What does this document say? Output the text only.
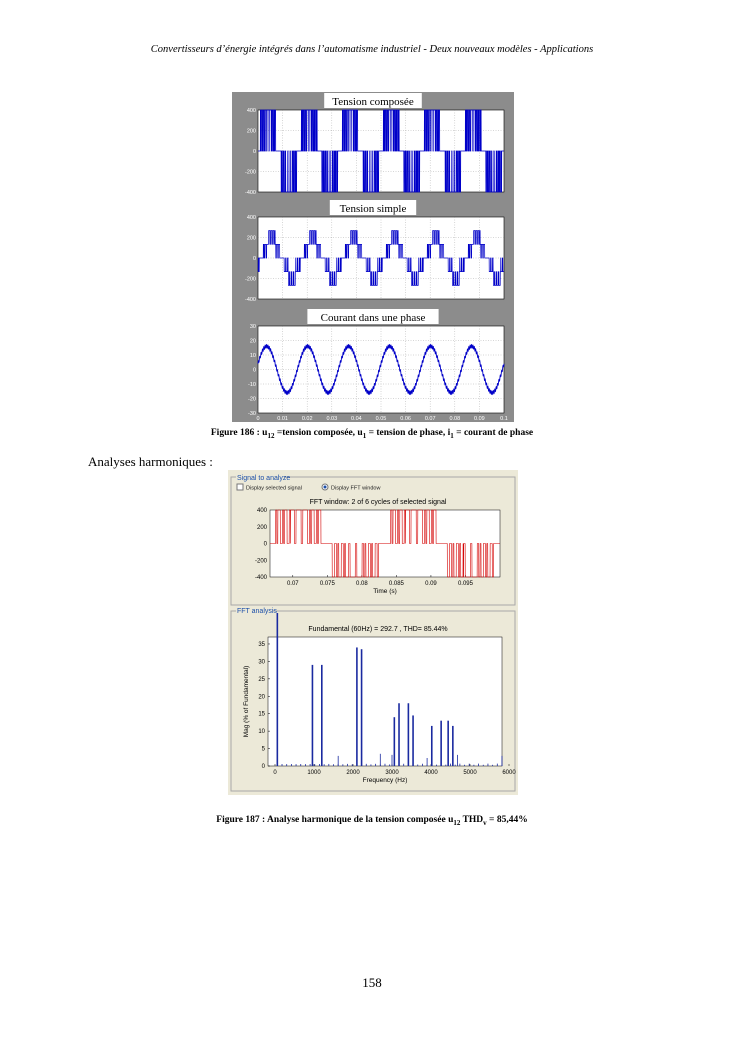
Convertisseurs d’énergie intégrés dans l’automatisme industriel - Deux nouveaux modèles - Applications
400
200
0
-200
-400
Tension composée
400
200
0
-200
-400
Tension simple
30
20
10
0
-10
-20
-30
Courant dans une phase
0	0.01	0.02	0.03	0.04	0.05	0.06	0.07	0.08	0.09	0.1
Figure 186 : $u_{12}$ =tension composée, $u_1$ = tension de phase, $i_1$ = courant de phase
Analyses harmoniques :
Signal to analyze
Display selected signal	Display FFT window
FFT window: 2 of 6 cycles of selected signal
400
200
0
-200
-400
0.07	0.075	0.08	0.085	0.09	0.095
Time (s)
FFT analysis
Fundamental (60Hz) = 292.7 , THD= 85.44%
0
5
10
15
20
25
30
35
0	1000	2000	3000	4000	5000	6000
Frequency (Hz)
Mag (% of Fundamental)
Figure 187 : Analyse harmonique de la tension composée $u_{12}$ $THD_v = 85,44\%$
158
